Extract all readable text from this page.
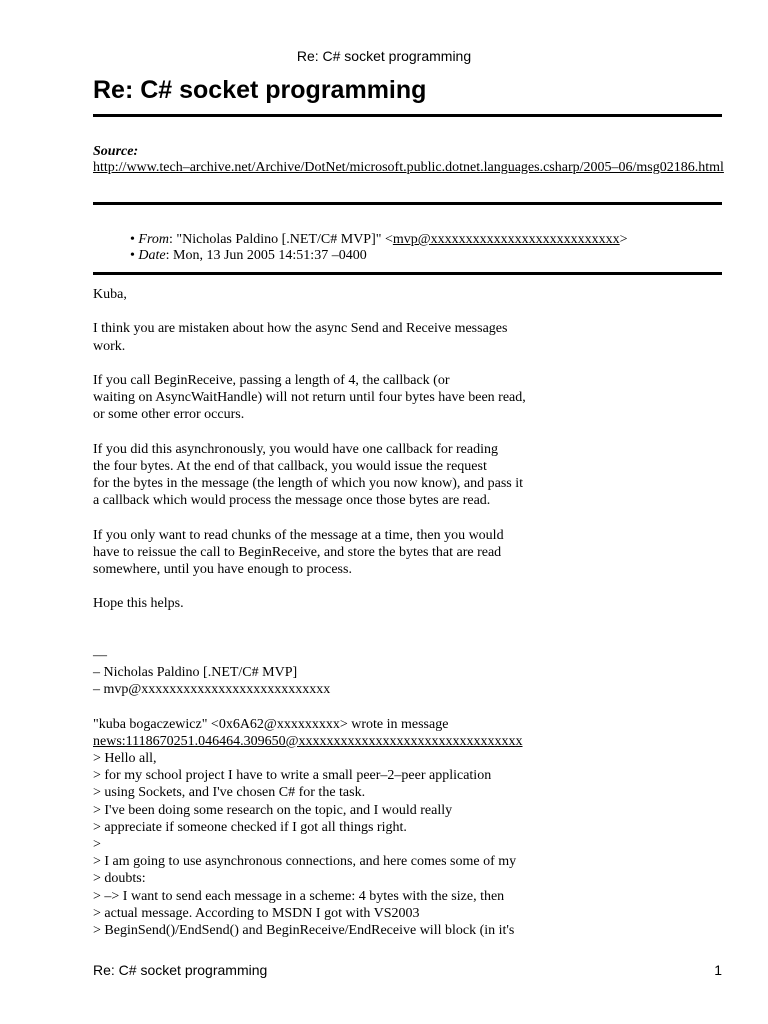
Re: C# socket programming
Re: C# socket programming
Source:
http://www.tech–archive.net/Archive/DotNet/microsoft.public.dotnet.languages.csharp/2005–06/msg02186.html
• From: "Nicholas Paldino [.NET/C# MVP]" <mvp@xxxxxxxxxxxxxxxxxxxxxxxxxxx>
• Date: Mon, 13 Jun 2005 14:51:37 –0400
Kuba,
I think you are mistaken about how the async Send and Receive messages
work.
If you call BeginReceive, passing a length of 4, the callback (or
waiting on AsyncWaitHandle) will not return until four bytes have been read,
or some other error occurs.
If you did this asynchronously, you would have one callback for reading
the four bytes. At the end of that callback, you would issue the request
for the bytes in the message (the length of which you now know), and pass it
a callback which would process the message once those bytes are read.
If you only want to read chunks of the message at a time, then you would
have to reissue the call to BeginReceive, and store the bytes that are read
somewhere, until you have enough to process.
Hope this helps.
––
– Nicholas Paldino [.NET/C# MVP]
– mvp@xxxxxxxxxxxxxxxxxxxxxxxxxxx
"kuba bogaczewicz" <0x6A62@xxxxxxxxx> wrote in message
news:1118670251.046464.309650@xxxxxxxxxxxxxxxxxxxxxxxxxxxxxxxx
> Hello all,
> for my school project I have to write a small peer–2–peer application
> using Sockets, and I've chosen C# for the task.
> I've been doing some research on the topic, and I would really
> appreciate if someone checked if I got all things right.
>
> I am going to use asynchronous connections, and here comes some of my
> doubts:
> –> I want to send each message in a scheme: 4 bytes with the size, then
> actual message. According to MSDN I got with VS2003
> BeginSend()/EndSend() and BeginReceive/EndReceive will block (in it's
Re: C# socket programming	1
